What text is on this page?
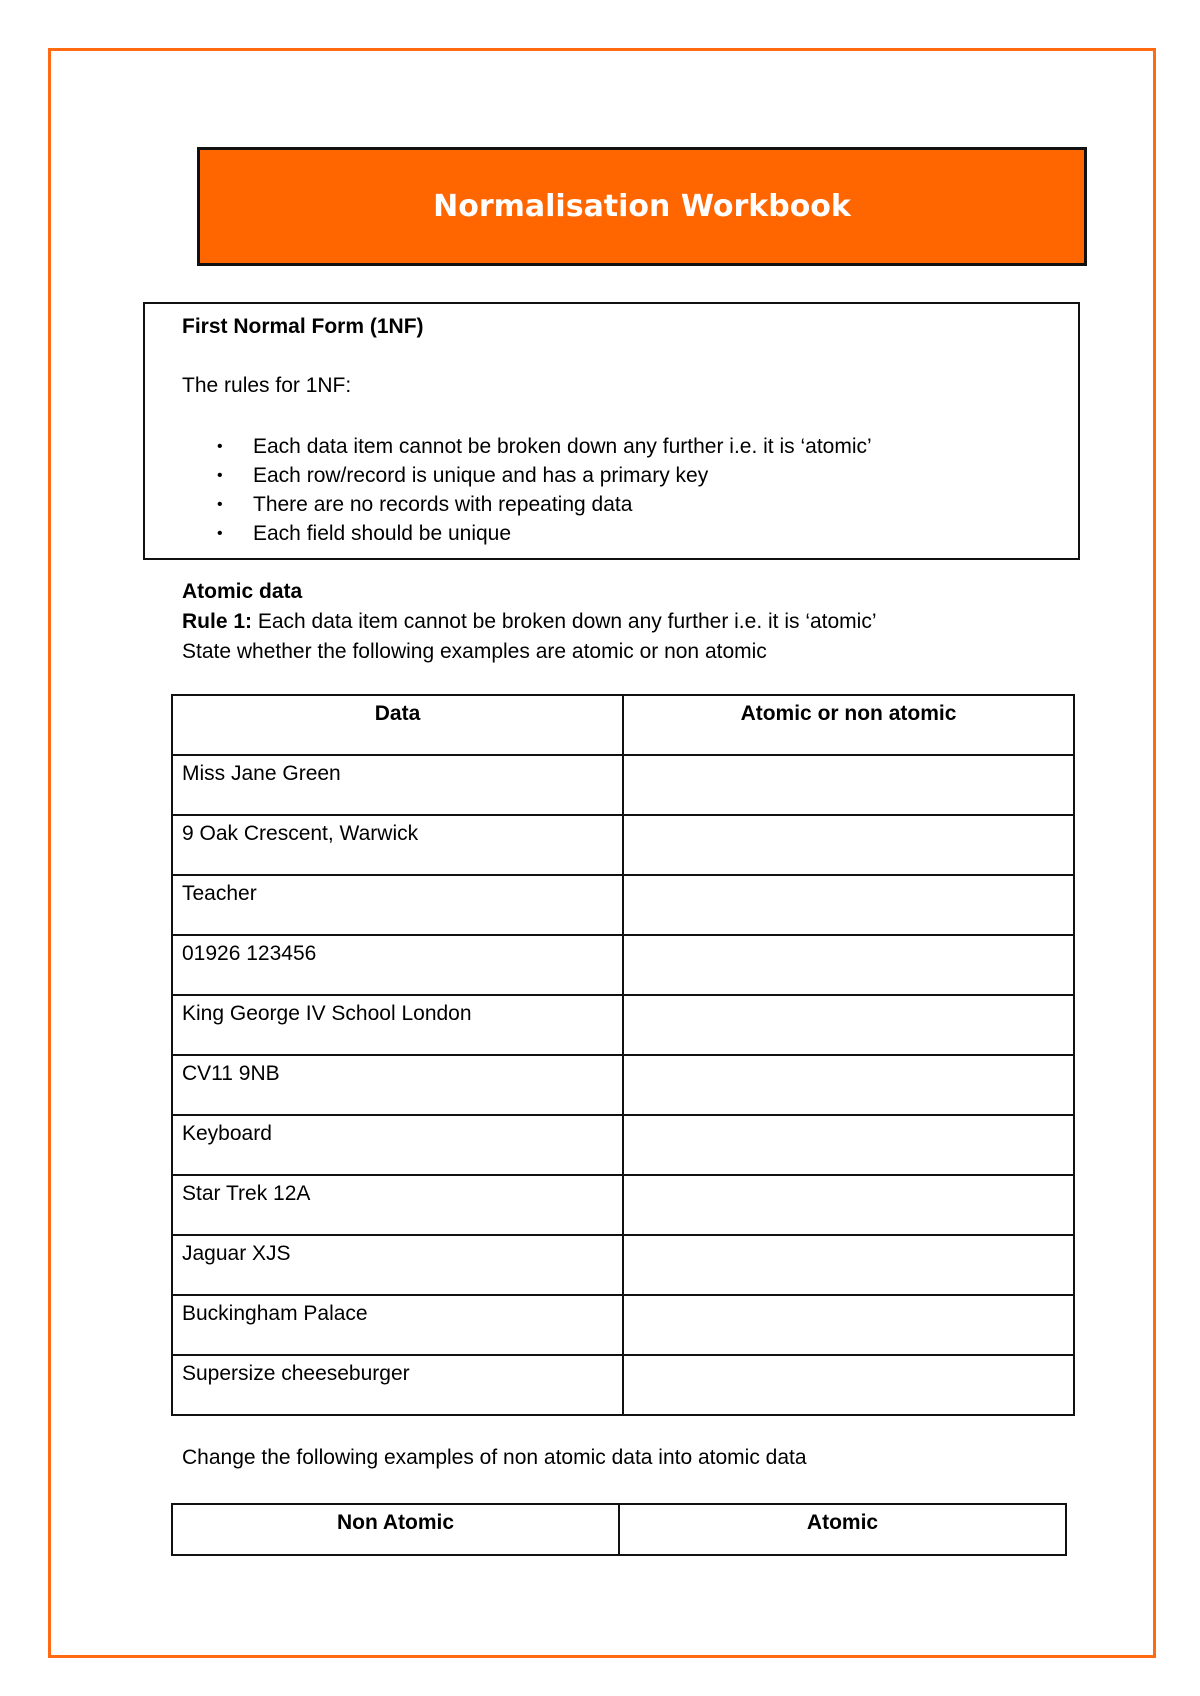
Normalisation Workbook
First Normal Form (1NF)
The rules for 1NF:
• Each data item cannot be broken down any further i.e. it is ‘atomic’
• Each row/record is unique and has a primary key
• There are no records with repeating data
• Each field should be unique
Atomic data
Rule 1: Each data item cannot be broken down any further i.e. it is ‘atomic’
State whether the following examples are atomic or non atomic
Data	Atomic or non atomic
Miss Jane Green	
9 Oak Crescent, Warwick	
Teacher	
01926 123456	
King George IV School London	
CV11 9NB	
Keyboard	
Star Trek 12A	
Jaguar XJS	
Buckingham Palace	
Supersize cheeseburger	
Change the following examples of non atomic data into atomic data
Non Atomic	Atomic
